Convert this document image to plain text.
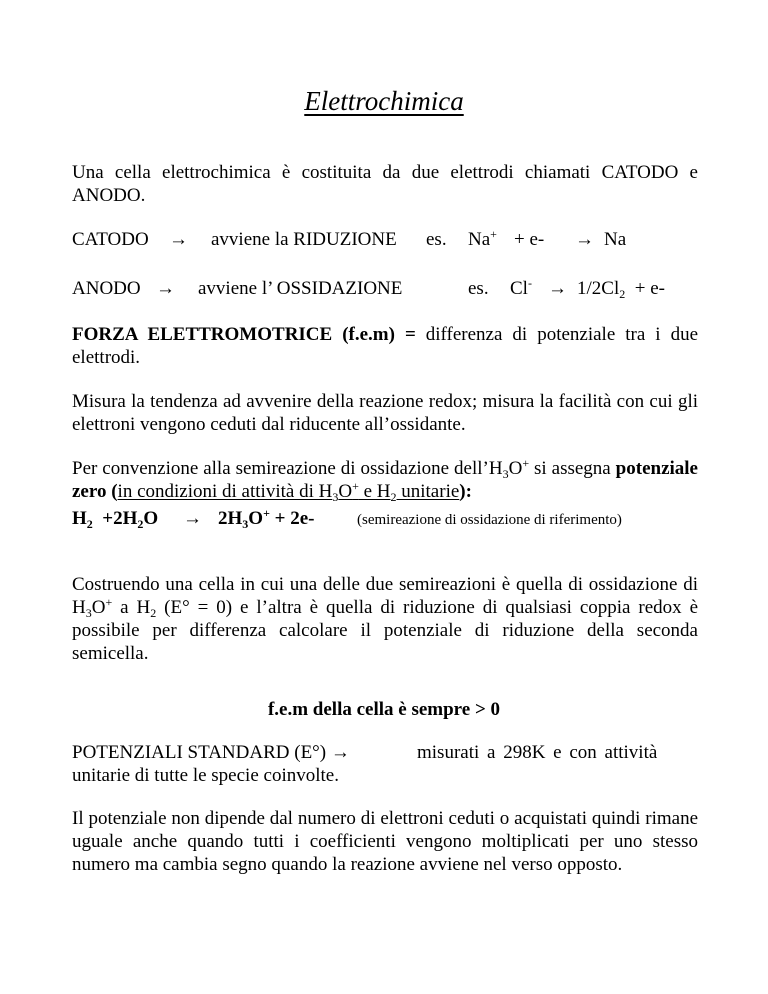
Elettrochimica

Una cella elettrochimica è costituita da due elettrodi chiamati CATODO e ANODO.

CATODO → avviene la RIDUZIONE es. Na+ + e- → Na
ANODO → avviene l’ OSSIDAZIONE	es. $Cl^- \to 1/2Cl_2 + e-$

FORZA ELETTROMOTRICE (f.e.m) = differenza di potenziale tra i due elettrodi.

Misura la tendenza ad avvenire della reazione redox; misura la facilità con cui gli elettroni vengono ceduti dal riducente all’ossidante.

Per convenzione alla semireazione di ossidazione $dell’H_3O^+$ si assegna potenziale zero (in condizioni di attività di $H_3O^+$ e $H_2$ unitarie):

$H_2 +2H_2O \to 2H_3O^+ + 2e-$	(semireazione di ossidazione di riferimento)

Costruendo una cella in cui una delle due semireazioni è quella di ossidazione di $H_3O^+$ a $H_2$ (E° = 0) e l’altra è quella di riduzione di qualsiasi coppia redox è possibile per differenza calcolare il potenziale di riduzione della seconda semicella.

f.e.m della cella è sempre > 0
POTENZIALI STANDARD (E°) →	misurati a 298K e con attività
unitarie di tutte le specie coinvolte.

Il potenziale non dipende dal numero di elettroni ceduti o acquistati quindi rimane uguale anche quando tutti i coefficienti vengono moltiplicati per uno stesso numero ma cambia segno quando la reazione avviene nel verso opposto.
